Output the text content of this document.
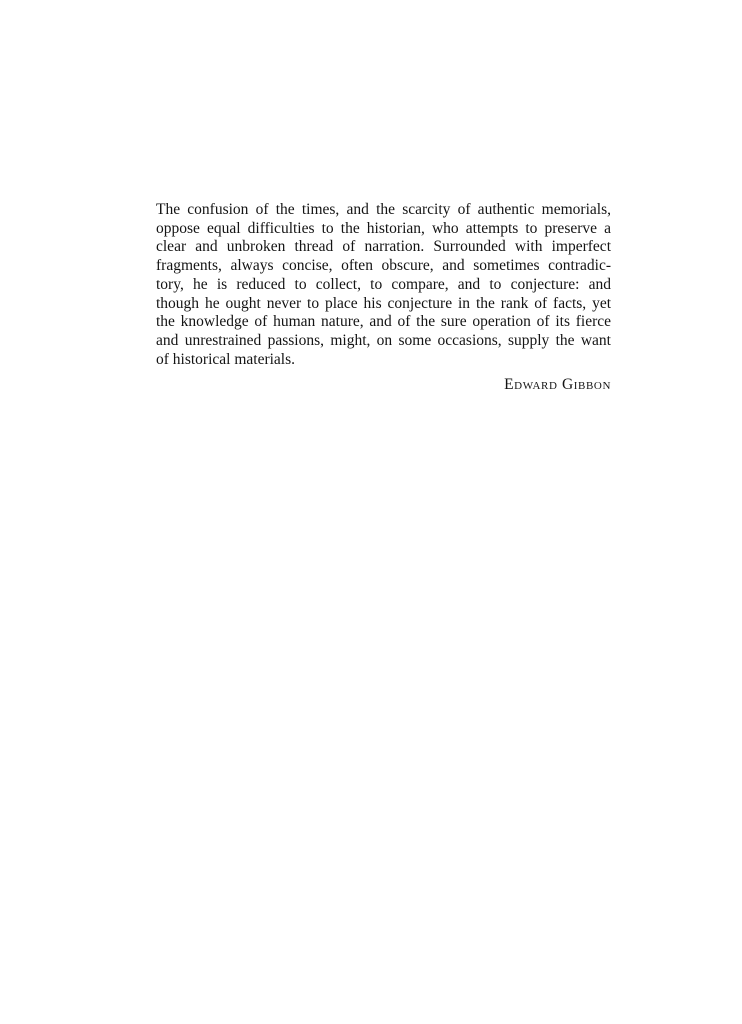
The confusion of the times, and the scarcity of authentic memorials,

oppose equal difficulties to the historian, who attempts to preserve a

clear and unbroken thread of narration. Surrounded with imperfect

fragments, always concise, often obscure, and sometimes contradic-

tory, he is reduced to collect, to compare, and to conjecture: and

though he ought never to place his conjecture in the rank of facts, yet

the knowledge of human nature, and of the sure operation of its fierce

and unrestrained passions, might, on some occasions, supply the want

of historical materials.

Edward Gibbon
